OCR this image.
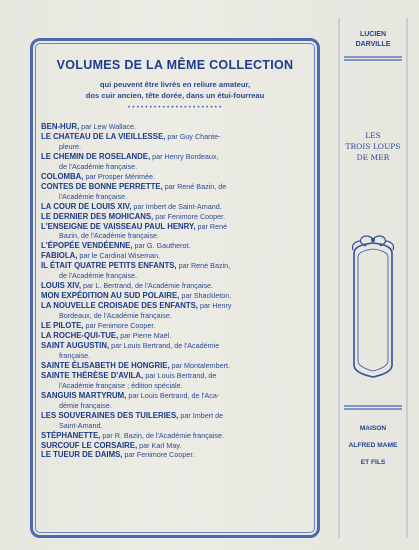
VOLUMES DE LA MÊME COLLECTION
qui peuvent être livrés en reliure amateur,
dos cuir ancien, tête dorée, dans un étui-fourreau
••••••••••••••••••••••
BEN-HUR, par Lew Wallace.
LE CHATEAU DE LA VIEILLESSE, par Guy Chante-
pleure.
LE CHEMIN DE ROSELANDE, par Henry Bordeaux,
de l'Académie française.
COLOMBA, par Prosper Mérimée.
CONTES DE BONNE PERRETTE, par René Bazin, de
l'Académie française.
LA COUR DE LOUIS XIV, par Imbert de Saint-Amand.
LE DERNIER DES MOHICANS, par Fenimore Cooper.
L'ENSEIGNE DE VAISSEAU PAUL HENRY, par René
Bazin, de l'Académie française.
L'ÉPOPÉE VENDÉENNE, par G. Gautherot.
FABIOLA, par le Cardinal Wiseman.
IL ÉTAIT QUATRE PETITS ENFANTS, par René Bazin,
de l'Académie française.
LOUIS XIV, par L. Bertrand, de l'Académie française.
MON EXPÉDITION AU SUD POLAIRE, par Shackleton.
LA NOUVELLE CROISADE DES ENFANTS, par Henry
Bordeaux, de l'Académie française.
LE PILOTE, par Fenimore Cooper.
LA ROCHE-QUI-TUE, par Pierre Maël.
SAINT AUGUSTIN, par Louis Bertrand, de l'Académie
française.
SAINTE ÉLISABETH DE HONGRIE, par Montalembert.
SAINTE THÉRÈSE D'AVILA, par Louis Bertrand, de
l'Académie française ; édition spéciale.
SANGUIS MARTYRUM, par Louis Bertrand, de l'Aca-
démie française.
LES SOUVERAINES DES TUILERIES, par Imbert de
Saint-Amand.
STÉPHANETTE, par R. Bazin, de l'Académie française.
SURCOUF LE CORSAIRE, par Karl May.
LE TUEUR DE DAIMS, par Fenimore Cooper.
LUCIEN
DARVILLE
LES
TROIS LOUPS
DE MER
MAISON
ALFRED MAME
ET FILS
